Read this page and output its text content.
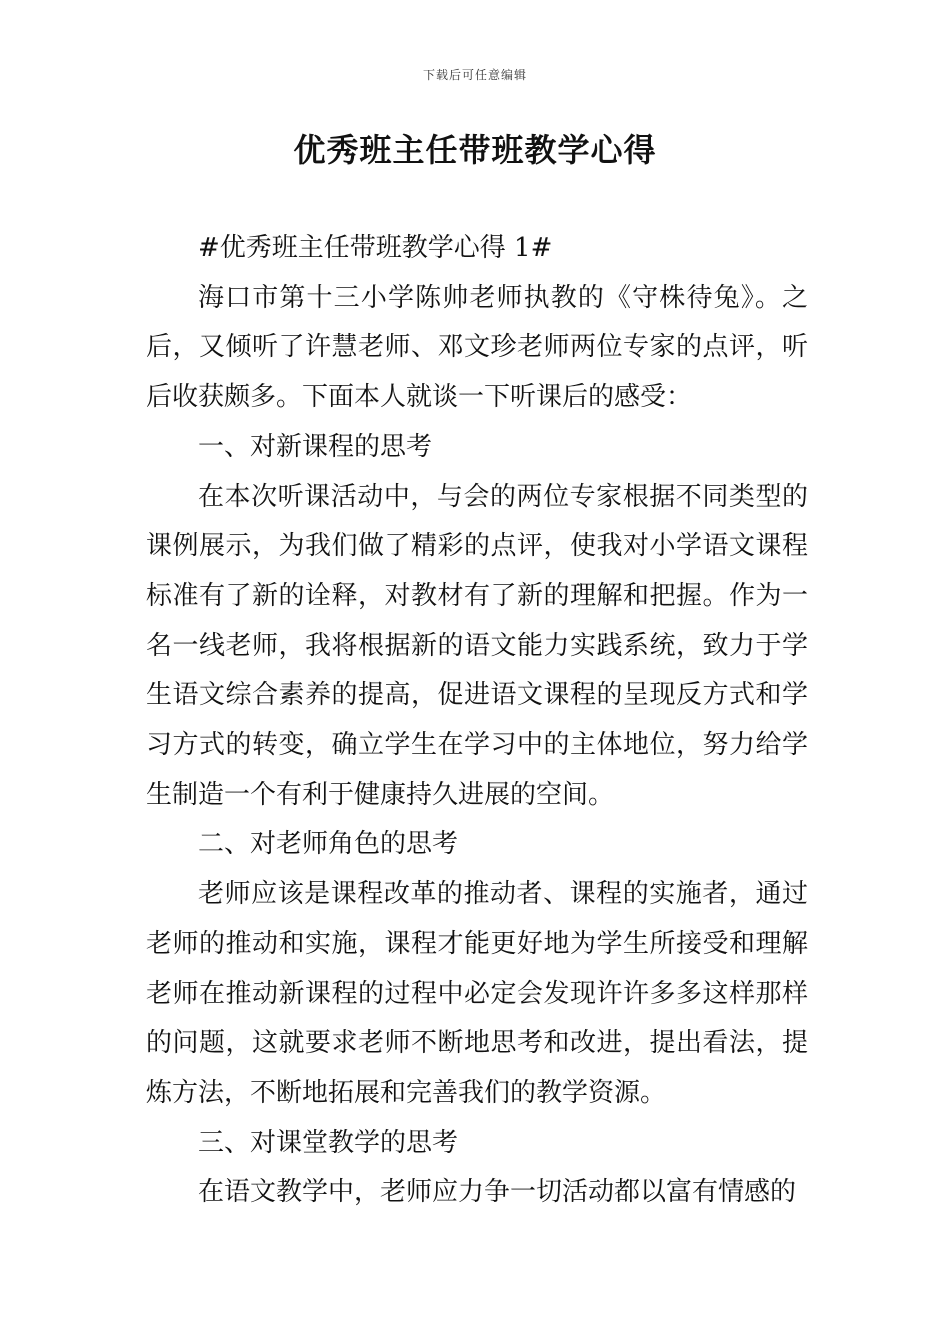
下载后可任意编辑
优秀班主任带班教学心得

#优秀班主任带班教学心得 1#

海口市第十三小学陈帅老师执教的《守株待兔》。之后，又倾听了许慧老师、邓文珍老师两位专家的点评，听后收获颇多。下面本人就谈一下听课后的感受：

一、对新课程的思考

在本次听课活动中，与会的两位专家根据不同类型的课例展示，为我们做了精彩的点评，使我对小学语文课程标准有了新的诠释，对教材有了新的理解和把握。作为一名一线老师，我将根据新的语文能力实践系统，致力于学生语文综合素养的提高，促进语文课程的呈现反方式和学习方式的转变，确立学生在学习中的主体地位，努力给学生制造一个有利于健康持久进展的空间。

二、对老师角色的思考

老师应该是课程改革的推动者、课程的实施者，通过老师的推动和实施，课程才能更好地为学生所接受和理解老师在推动新课程的过程中必定会发现许许多多这样那样的问题，这就要求老师不断地思考和改进，提出看法，提炼方法，不断地拓展和完善我们的教学资源。

三、对课堂教学的思考

在语文教学中，老师应力争一切活动都以富有情感的
